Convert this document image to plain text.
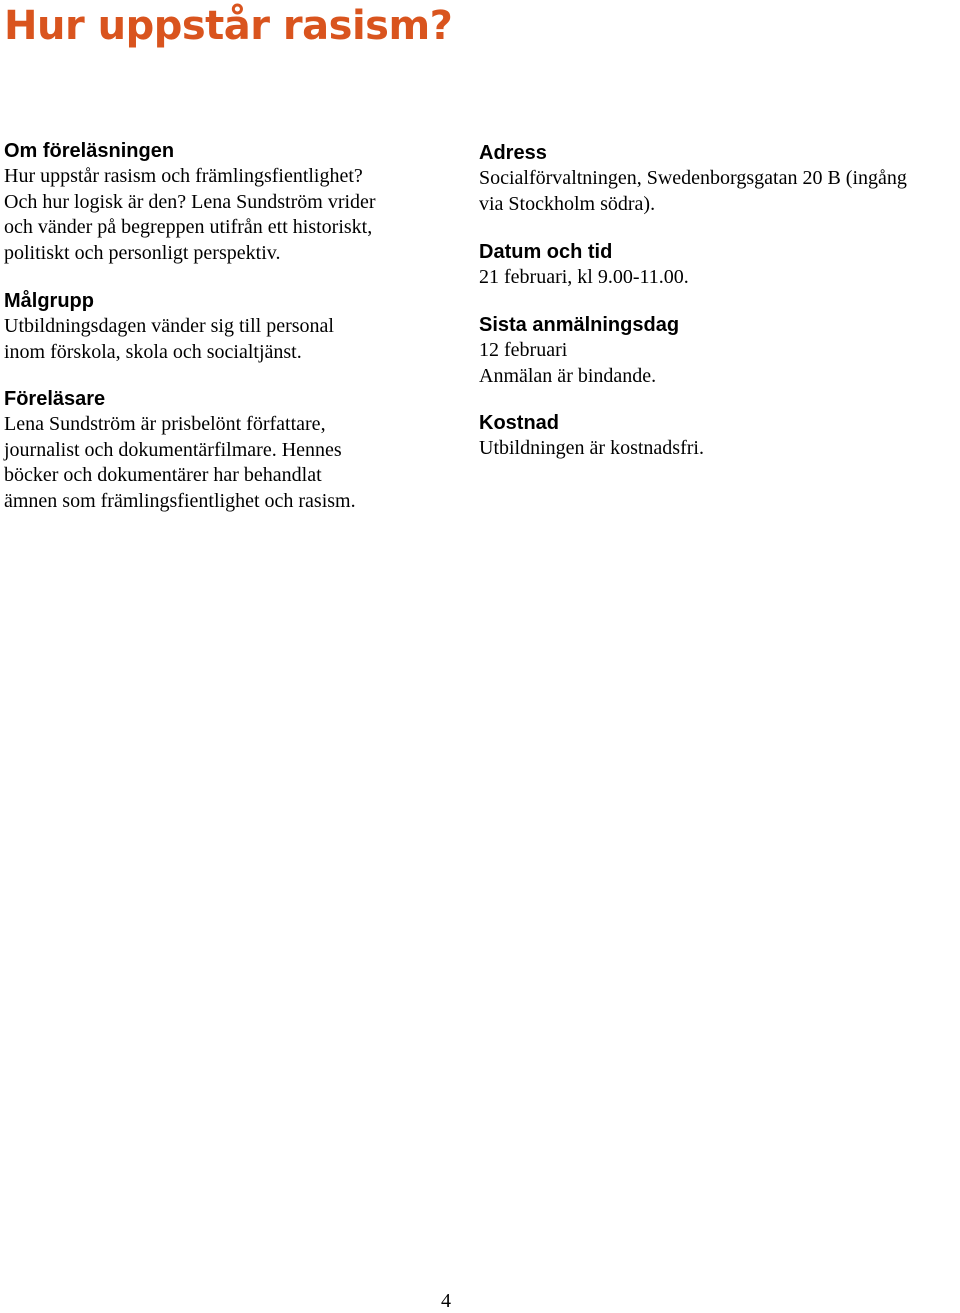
Hur uppstår rasism?
Om föreläsningen
Hur uppstår rasism och främlingsfientlighet?
Och hur logisk är den? Lena Sundström vrider
och vänder på begreppen utifrån ett historiskt,
politiskt och personligt perspektiv.
Målgrupp
Utbildningsdagen vänder sig till personal
inom förskola, skola och socialtjänst.
Föreläsare
Lena Sundström är prisbelönt författare,
journalist och dokumentärfilmare. Hennes
böcker och dokumentärer har behandlat
ämnen som främlingsfientlighet och rasism.
Adress
Socialförvaltningen, Swedenborgsgatan 20 B (ingång
via Stockholm södra).
Datum och tid
21 februari, kl 9.00-11.00.
Sista anmälningsdag
12 februari
Anmälan är bindande.
Kostnad
Utbildningen är kostnadsfri.
4
